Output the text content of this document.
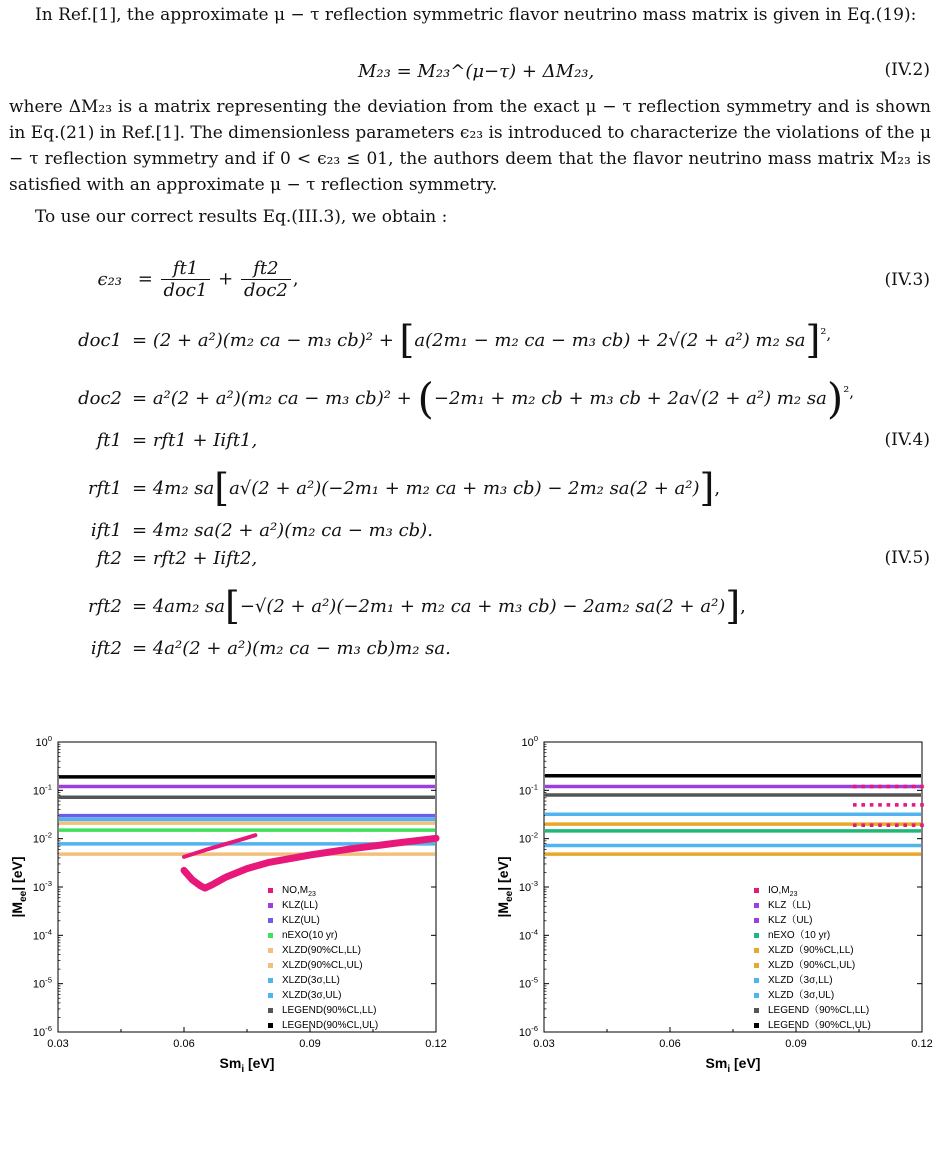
In Ref.[1], the approximate μ − τ reflection symmetric flavor neutrino mass matrix is given in Eq.(19):
M₂₃ = M₂₃^(μ−τ) + ΔM₂₃,	(IV.2)
where ΔM₂₃ is a matrix representing the deviation from the exact μ − τ reflection symmetry and is shown in Eq.(21) in Ref.[1]. The dimensionless parameters ϵ₂₃ is introduced to characterize the violations of the μ − τ reflection symmetry and if 0 < ϵ₂₃ ≤ 01, the authors deem that the flavor neutrino mass matrix M₂₃ is satisfied with an approximate μ − τ reflection symmetry.
To use our correct results Eq.(III.3), we obtain :
$\epsilon_{23} = \frac{ft1}{\text{doc1}} + \frac{ft2}{\text{doc2}}$ ,	(IV.3)
doc1 = (2 + a²)(m₂ ca − m₃ cb)² + [a(2m₁ − m₂ ca − m₃ cb) + 2√(2 + a²) m₂ sa]$^{^2,}$
doc2 = a²(2 + a²)(m₂ ca − m₃ cb)² + (−2m₁ + m₂ cb + m₃ cb + 2a√(2 + a²) m₂ sa)$^{^2,}$
ft1 = rft1 + Iift1,	(IV.4)
rft1 = 4m₂ sa[a√(2 + a²)(−2m₁ + m₂ ca + m₃ cb) − 2m₂ sa(2 + a²)],
ift1 = 4m₂ sa(2 + a²)(m₂ ca − m₃ cb).
ft2 = rft2 + Iift2,	(IV.5)
rft2 = 4am₂ sa[−√(2 + a²)(−2m₁ + m₂ ca + m₃ cb) − 2am₂ sa(2 + a²)],
ift2 = 4a²(2 + a²)(m₂ ca − m₃ cb)m₂ sa.
$10^{-6}$
$10^{-5}$
$10^{-4}$
$10^{-3}$
$10^{-2}$
$10^{-1}$
$10^0$
0.03	0.06	0.09	0.12
$Sm_i$ [eV]
$|M_{ee}|$ [eV]	$NO,M_{23}$
KLZ(LL)
KLZ(UL)
nEXO(10 yr)
XLZD(90%CL,LL)
XLZD(90%CL,UL)
XLZD(3σ,LL)
XLZD(3σ,UL)
LEGEND(90%CL,LL)
LEGEND(90%CL,UL)
$10^{-6}$
$10^{-5}$
$10^{-4}$
$10^{-3}$
$10^{-2}$
$10^{-1}$
$10^0$
0.03	0.06	0.09	0.12
$Sm_i$ [eV]
$|M_{ee}|$ [eV]	$IO,M_{23}$
KLZ（LL)
KLZ（UL)
nEXO（10 yr)
XLZD（90%CL,LL)
XLZD（90%CL,UL)
XLZD（3σ,LL)
XLZD（3σ,UL)
LEGEND（90%CL,LL)
LEGEND（90%CL,UL)
